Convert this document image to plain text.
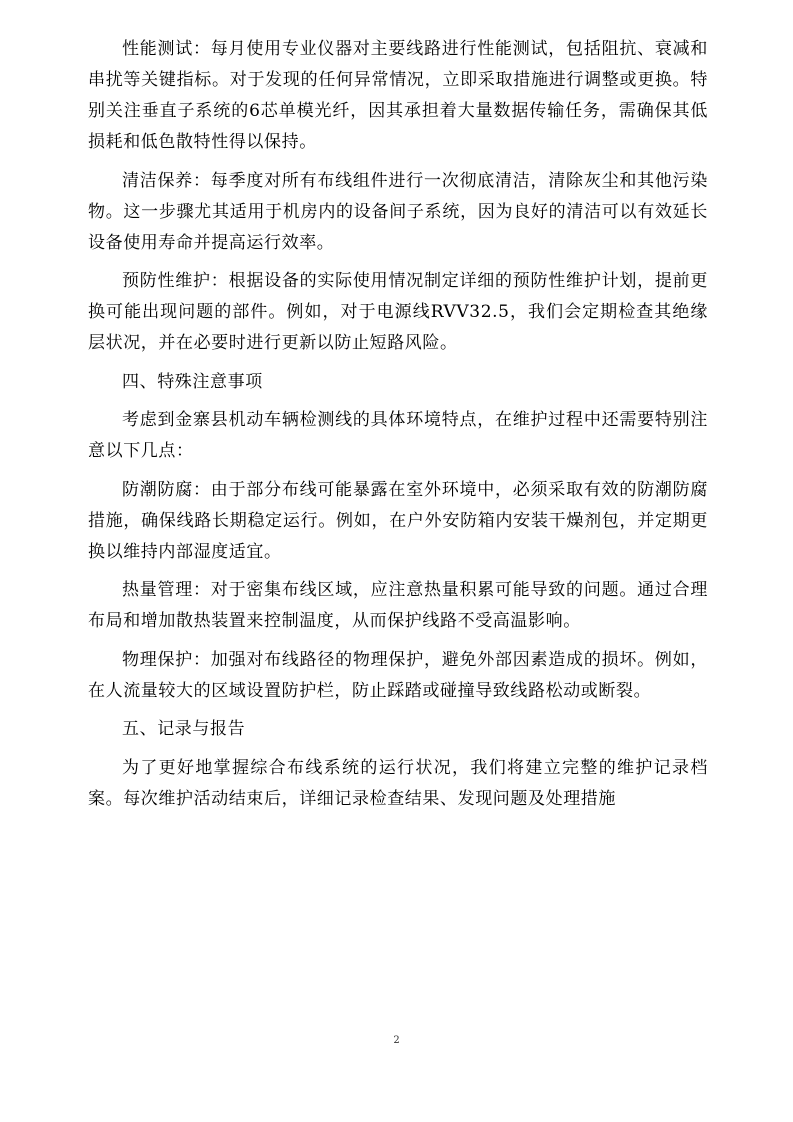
性能测试：每月使用专业仪器对主要线路进行性能测试，包括阻抗、衰减和串扰等关键指标。对于发现的任何异常情况，立即采取措施进行调整或更换。特别关注垂直子系统的6芯单模光纤，因其承担着大量数据传输任务，需确保其低损耗和低色散特性得以保持。

清洁保养：每季度对所有布线组件进行一次彻底清洁，清除灰尘和其他污染物。这一步骤尤其适用于机房内的设备间子系统，因为良好的清洁可以有效延长设备使用寿命并提高运行效率。

预防性维护：根据设备的实际使用情况制定详细的预防性维护计划，提前更换可能出现问题的部件。例如，对于电源线RVV32.5，我们会定期检查其绝缘层状况，并在必要时进行更新以防止短路风险。

四、特殊注意事项

考虑到金寨县机动车辆检测线的具体环境特点，在维护过程中还需要特别注意以下几点：

防潮防腐：由于部分布线可能暴露在室外环境中，必须采取有效的防潮防腐措施，确保线路长期稳定运行。例如，在户外安防箱内安装干燥剂包，并定期更换以维持内部湿度适宜。

热量管理：对于密集布线区域，应注意热量积累可能导致的问题。通过合理布局和增加散热装置来控制温度，从而保护线路不受高温影响。

物理保护：加强对布线路径的物理保护，避免外部因素造成的损坏。例如，在人流量较大的区域设置防护栏，防止踩踏或碰撞导致线路松动或断裂。

五、记录与报告

为了更好地掌握综合布线系统的运行状况，我们将建立完整的维护记录档案。每次维护活动结束后，详细记录检查结果、发现问题及处理措施

2
